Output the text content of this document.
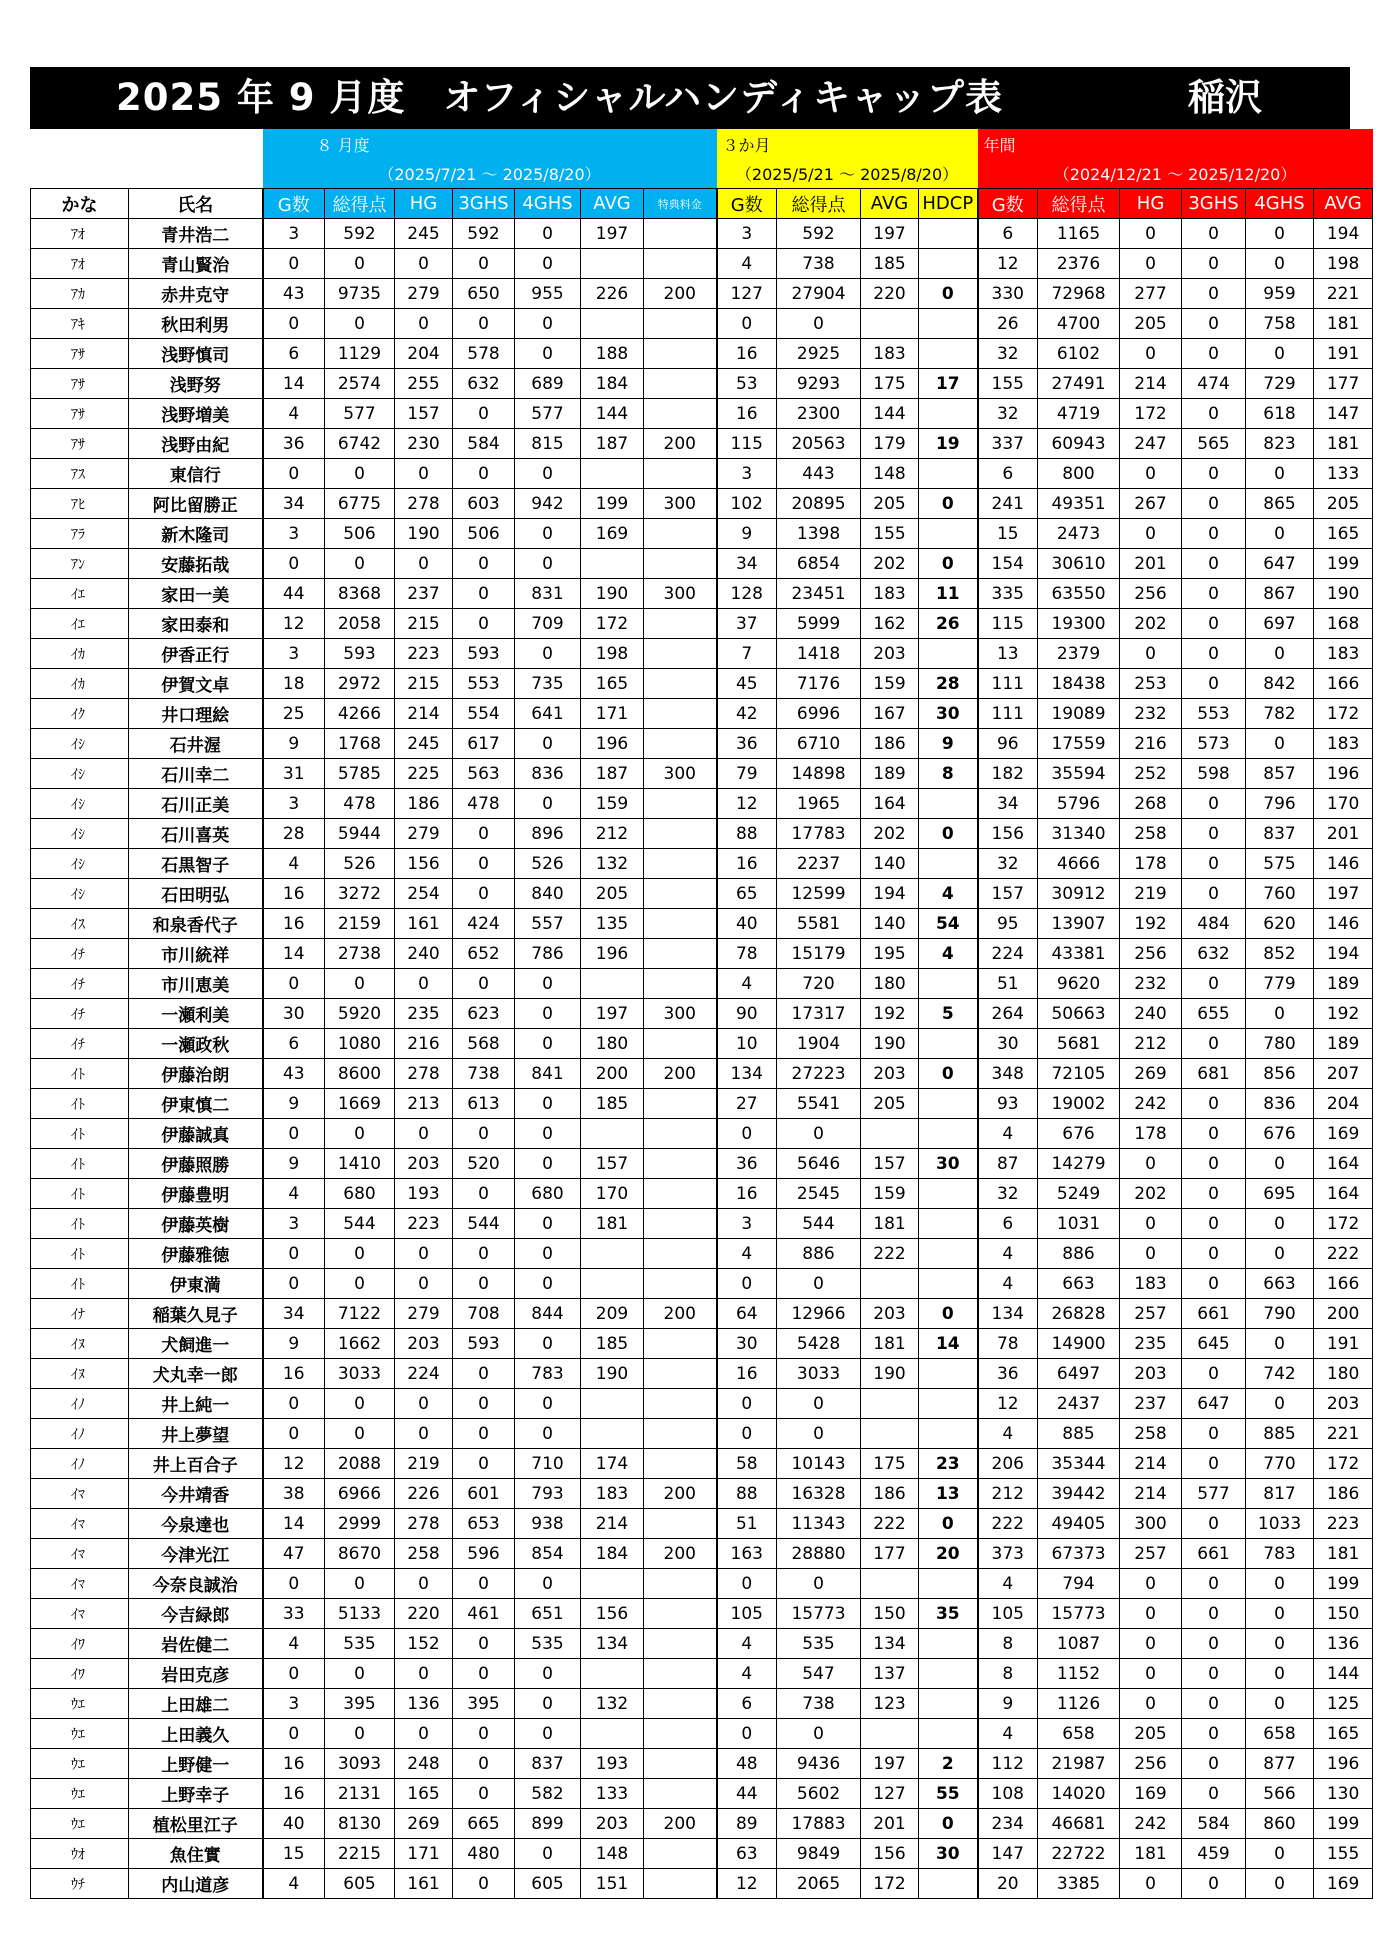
2025 年 9 月度　オフィシャルハンディキャップ表	稲沢
		８ 月度							３か月				年間					
		（2025/7/21 ～ 2025/8/20）							（2025/5/21 ～ 2025/8/20）				（2024/12/21 ～ 2025/12/20）					
かな	氏名	G数	総得点	HG	3GHS	4GHS	AVG	特典料金	G数	総得点	AVG	HDCP	G数	総得点	HG	3GHS	4GHS	AVG
ｱｵ	青井浩二	3	592	245	592	0	197		3	592	197		6	1165	0	0	0	194
ｱｵ	青山賢治	0	0	0	0	0			4	738	185		12	2376	0	0	0	198
ｱｶ	赤井克守	43	9735	279	650	955	226	200	127	27904	220	0	330	72968	277	0	959	221
ｱｷ	秋田利男	0	0	0	0	0			0	0			26	4700	205	0	758	181
ｱｻ	浅野慎司	6	1129	204	578	0	188		16	2925	183		32	6102	0	0	0	191
ｱｻ	浅野努	14	2574	255	632	689	184		53	9293	175	17	155	27491	214	474	729	177
ｱｻ	浅野増美	4	577	157	0	577	144		16	2300	144		32	4719	172	0	618	147
ｱｻ	浅野由紀	36	6742	230	584	815	187	200	115	20563	179	19	337	60943	247	565	823	181
ｱｽ	東信行	0	0	0	0	0			3	443	148		6	800	0	0	0	133
ｱﾋ	阿比留勝正	34	6775	278	603	942	199	300	102	20895	205	0	241	49351	267	0	865	205
ｱﾗ	新木隆司	3	506	190	506	0	169		9	1398	155		15	2473	0	0	0	165
ｱﾝ	安藤拓哉	0	0	0	0	0			34	6854	202	0	154	30610	201	0	647	199
ｲｴ	家田一美	44	8368	237	0	831	190	300	128	23451	183	11	335	63550	256	0	867	190
ｲｴ	家田泰和	12	2058	215	0	709	172		37	5999	162	26	115	19300	202	0	697	168
ｲｶ	伊香正行	3	593	223	593	0	198		7	1418	203		13	2379	0	0	0	183
ｲｶ	伊賀文卓	18	2972	215	553	735	165		45	7176	159	28	111	18438	253	0	842	166
ｲｸ	井口理絵	25	4266	214	554	641	171		42	6996	167	30	111	19089	232	553	782	172
ｲｼ	石井渥	9	1768	245	617	0	196		36	6710	186	9	96	17559	216	573	0	183
ｲｼ	石川幸二	31	5785	225	563	836	187	300	79	14898	189	8	182	35594	252	598	857	196
ｲｼ	石川正美	3	478	186	478	0	159		12	1965	164		34	5796	268	0	796	170
ｲｼ	石川喜英	28	5944	279	0	896	212		88	17783	202	0	156	31340	258	0	837	201
ｲｼ	石黒智子	4	526	156	0	526	132		16	2237	140		32	4666	178	0	575	146
ｲｼ	石田明弘	16	3272	254	0	840	205		65	12599	194	4	157	30912	219	0	760	197
ｲｽ	和泉香代子	16	2159	161	424	557	135		40	5581	140	54	95	13907	192	484	620	146
ｲﾁ	市川統祥	14	2738	240	652	786	196		78	15179	195	4	224	43381	256	632	852	194
ｲﾁ	市川恵美	0	0	0	0	0			4	720	180		51	9620	232	0	779	189
ｲﾁ	一瀬利美	30	5920	235	623	0	197	300	90	17317	192	5	264	50663	240	655	0	192
ｲﾁ	一瀬政秋	6	1080	216	568	0	180		10	1904	190		30	5681	212	0	780	189
ｲﾄ	伊藤治朗	43	8600	278	738	841	200	200	134	27223	203	0	348	72105	269	681	856	207
ｲﾄ	伊東慎二	9	1669	213	613	0	185		27	5541	205		93	19002	242	0	836	204
ｲﾄ	伊藤誠真	0	0	0	0	0			0	0			4	676	178	0	676	169
ｲﾄ	伊藤照勝	9	1410	203	520	0	157		36	5646	157	30	87	14279	0	0	0	164
ｲﾄ	伊藤豊明	4	680	193	0	680	170		16	2545	159		32	5249	202	0	695	164
ｲﾄ	伊藤英樹	3	544	223	544	0	181		3	544	181		6	1031	0	0	0	172
ｲﾄ	伊藤雅徳	0	0	0	0	0			4	886	222		4	886	0	0	0	222
ｲﾄ	伊東満	0	0	0	0	0			0	0			4	663	183	0	663	166
ｲﾅ	稲葉久見子	34	7122	279	708	844	209	200	64	12966	203	0	134	26828	257	661	790	200
ｲﾇ	犬飼進一	9	1662	203	593	0	185		30	5428	181	14	78	14900	235	645	0	191
ｲﾇ	犬丸幸一郎	16	3033	224	0	783	190		16	3033	190		36	6497	203	0	742	180
ｲﾉ	井上純一	0	0	0	0	0			0	0			12	2437	237	647	0	203
ｲﾉ	井上夢望	0	0	0	0	0			0	0			4	885	258	0	885	221
ｲﾉ	井上百合子	12	2088	219	0	710	174		58	10143	175	23	206	35344	214	0	770	172
ｲﾏ	今井靖香	38	6966	226	601	793	183	200	88	16328	186	13	212	39442	214	577	817	186
ｲﾏ	今泉達也	14	2999	278	653	938	214		51	11343	222	0	222	49405	300	0	1033	223
ｲﾏ	今津光江	47	8670	258	596	854	184	200	163	28880	177	20	373	67373	257	661	783	181
ｲﾏ	今奈良誠治	0	0	0	0	0			0	0			4	794	0	0	0	199
ｲﾏ	今吉緑郎	33	5133	220	461	651	156		105	15773	150	35	105	15773	0	0	0	150
ｲﾜ	岩佐健二	4	535	152	0	535	134		4	535	134		8	1087	0	0	0	136
ｲﾜ	岩田克彦	0	0	0	0	0			4	547	137		8	1152	0	0	0	144
ｳｴ	上田雄二	3	395	136	395	0	132		6	738	123		9	1126	0	0	0	125
ｳｴ	上田義久	0	0	0	0	0			0	0			4	658	205	0	658	165
ｳｴ	上野健一	16	3093	248	0	837	193		48	9436	197	2	112	21987	256	0	877	196
ｳｴ	上野幸子	16	2131	165	0	582	133		44	5602	127	55	108	14020	169	0	566	130
ｳｴ	植松里江子	40	8130	269	665	899	203	200	89	17883	201	0	234	46681	242	584	860	199
ｳｵ	魚住實	15	2215	171	480	0	148		63	9849	156	30	147	22722	181	459	0	155
ｳﾁ	内山道彦	4	605	161	0	605	151		12	2065	172		20	3385	0	0	0	169
